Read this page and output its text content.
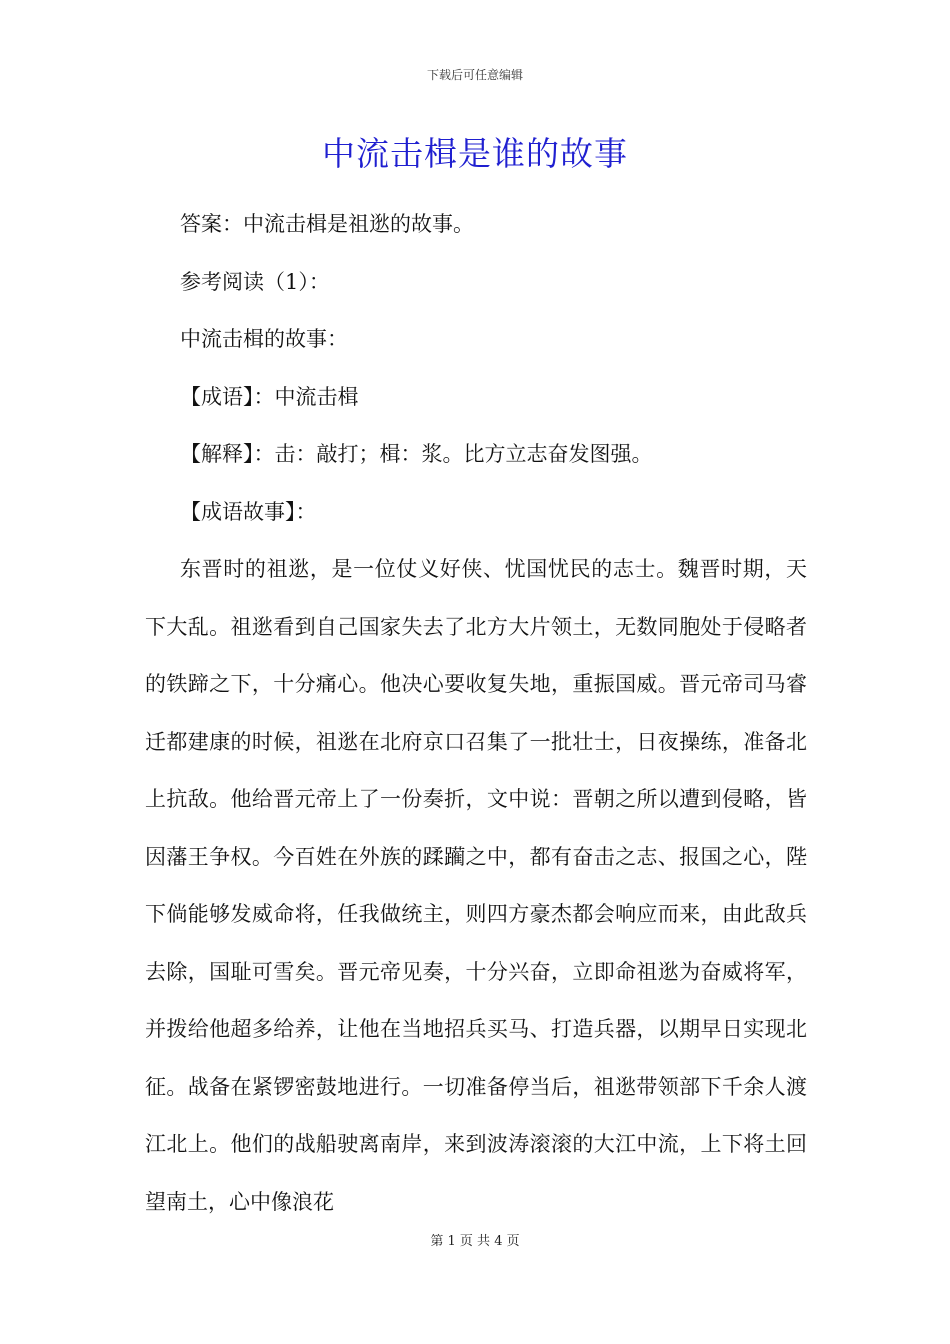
下载后可任意编辑
中流击楫是谁的故事

答案：中流击楫是祖逖的故事。

参考阅读（1）：

中流击楫的故事：

【成语】：中流击楫

【解释】：击：敲打；楫：浆。比方立志奋发图强。

【成语故事】：

东晋时的祖逖，是一位仗义好侠、忧国忧民的志士。魏晋时期，天下大乱。祖逖看到自己国家失去了北方大片领土，无数同胞处于侵略者的铁蹄之下，十分痛心。他决心要收复失地，重振国威。晋元帝司马睿迁都建康的时候，祖逖在北府京口召集了一批壮士，日夜操练，准备北上抗敌。他给晋元帝上了一份奏折，文中说：晋朝之所以遭到侵略，皆因藩王争权。今百姓在外族的蹂躏之中，都有奋击之志、报国之心，陛下倘能够发威命将，任我做统主，则四方豪杰都会响应而来，由此敌兵去除，国耻可雪矣。晋元帝见奏，十分兴奋，立即命祖逖为奋威将军，并拨给他超多给养，让他在当地招兵买马、打造兵器，以期早日实现北征。战备在紧锣密鼓地进行。一切准备停当后，祖逖带领部下千余人渡江北上。他们的战船驶离南岸，来到波涛滚滚的大江中流，上下将土回望南土，心中像浪花

第 1 页 共 4 页
